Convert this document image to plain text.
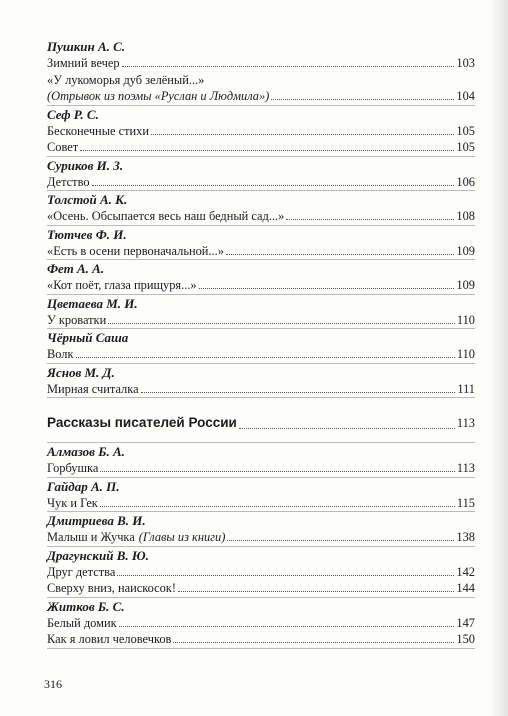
Пушкин А. С.
Зимний вечер	103
«У лукоморья дуб зелёный...»
(Отрывок из поэмы «Руслан и Людмила»)	104
Сеф Р. С.
Бесконечные стихи	105
Совет	105
Суриков И. З.
Детство	106
Толстой А. К.
«Осень. Обсыпается весь наш бедный сад...»	108
Тютчев Ф. И.
«Есть в осени первоначальной...»	109
Фет А. А.
«Кот поёт, глаза прищуря...»	109
Цветаева М. И.
У кроватки	110
Чёрный Саша
Волк	110
Яснов М. Д.
Мирная считалка	111
Рассказы писателей России	113
Алмазов Б. А.
Горбушка	113
Гайдар А. П.
Чук и Гек	115
Дмитриева В. И.
Малыш и Жучка (Главы из книги)	138
Драгунский В. Ю.
Друг детства	142
Сверху вниз, наискосок!	144
Житков Б. С.
Белый домик	147
Как я ловил человечков	150
316
